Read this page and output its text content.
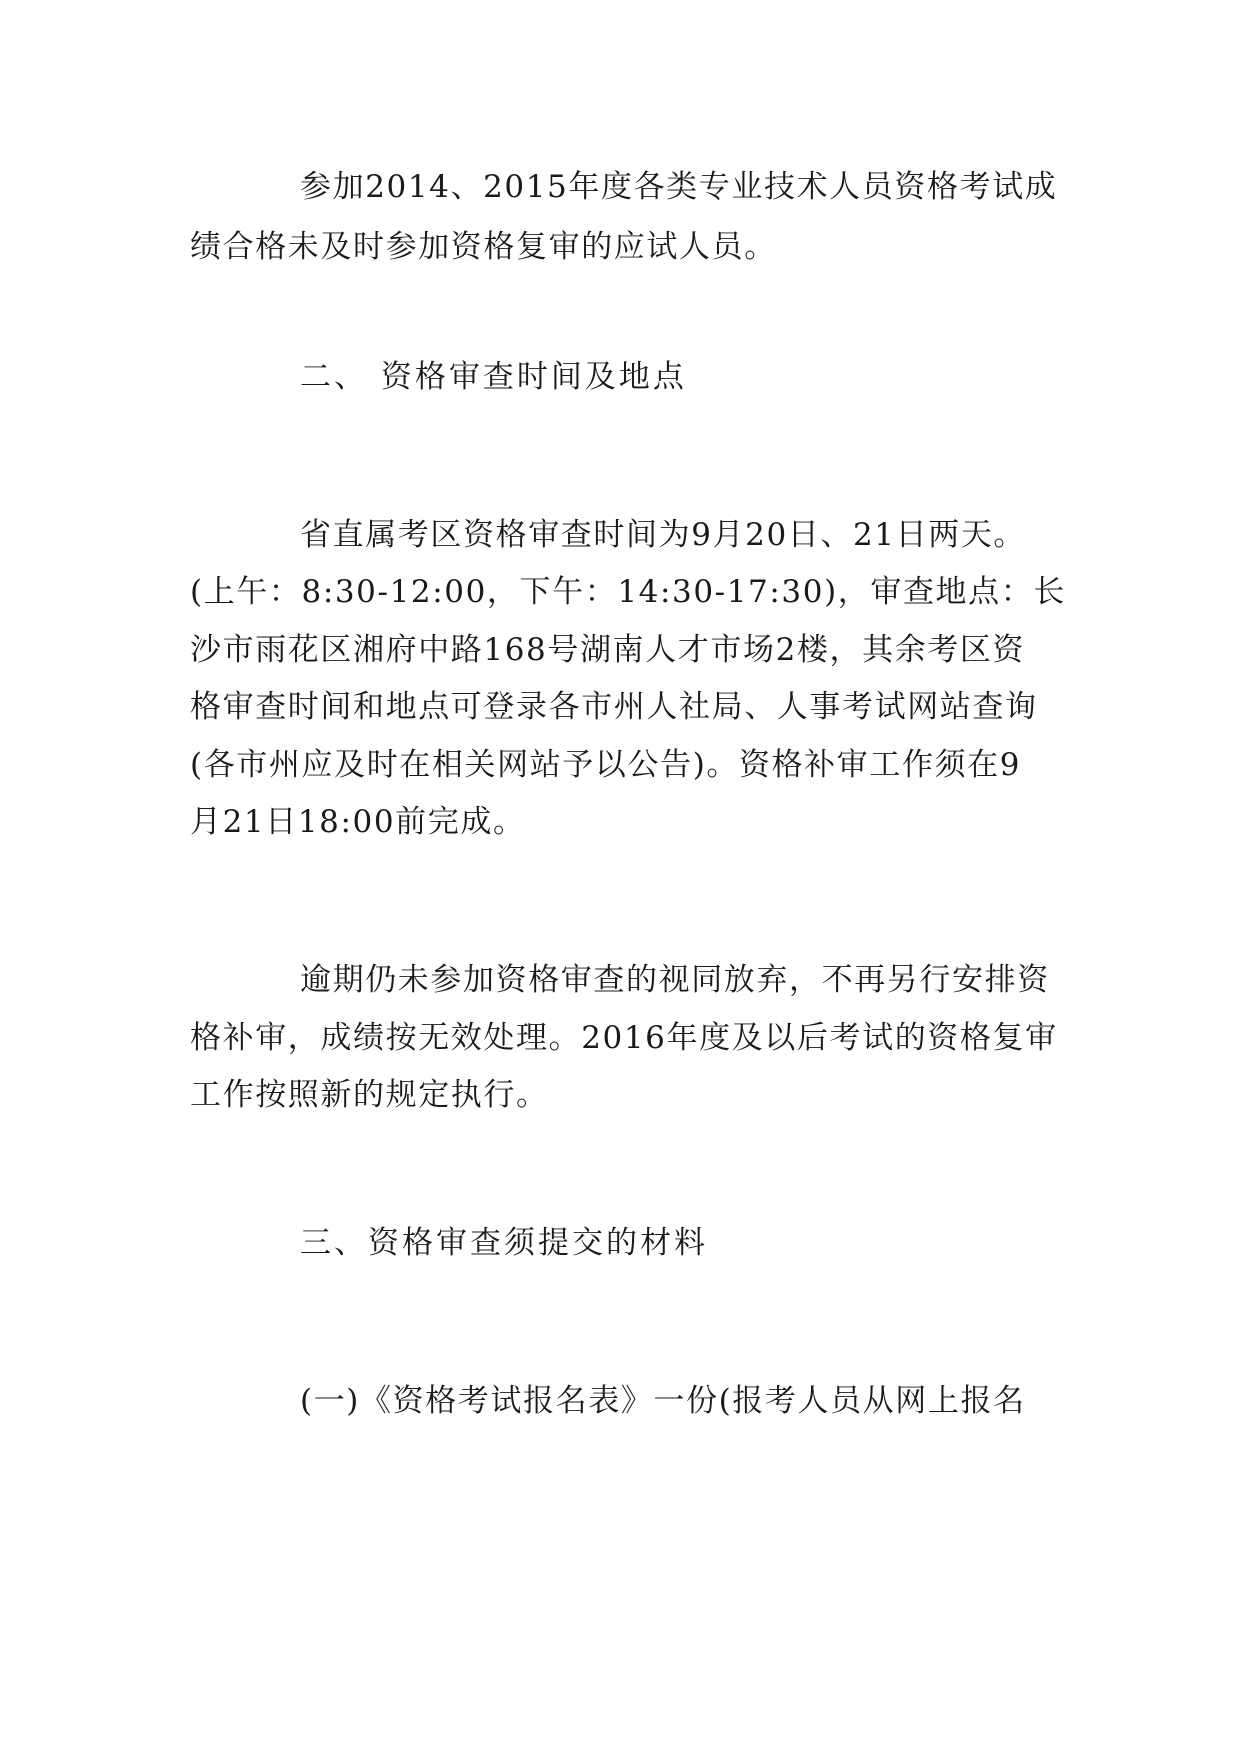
参加2014、2015年度各类专业技术人员资格考试成
绩合格未及时参加资格复审的应试人员。
二、 资格审查时间及地点
省直属考区资格审查时间为9月20日、21日两天。
(上午：8:30-12:00，下午：14:30-17:30)，审查地点：长
沙市雨花区湘府中路168号湖南人才市场2楼，其余考区资
格审查时间和地点可登录各市州人社局、人事考试网站查询
(各市州应及时在相关网站予以公告)。资格补审工作须在9
月21日18:00前完成。
逾期仍未参加资格审查的视同放弃，不再另行安排资
格补审，成绩按无效处理。2016年度及以后考试的资格复审
工作按照新的规定执行。
三、资格审查须提交的材料
(一)《资格考试报名表》一份(报考人员从网上报名
